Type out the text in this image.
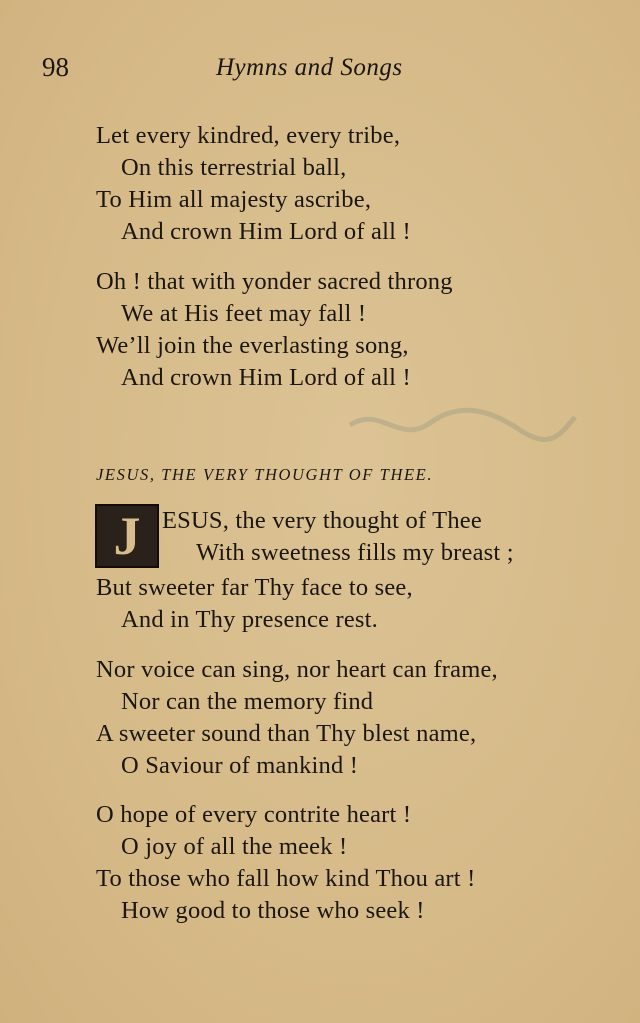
98	Hymns and Songs
Let every kindred, every tribe,
On this terrestrial ball,
To Him all majesty ascribe,
And crown Him Lord of all !
Oh ! that with yonder sacred throng
We at His feet may fall !
We’ll join the everlasting song,
And crown Him Lord of all !
JESUS, THE VERY THOUGHT OF THEE.
J ESUS, the very thought of Thee
With sweetness fills my breast ;
But sweeter far Thy face to see,
And in Thy presence rest.
Nor voice can sing, nor heart can frame,
Nor can the memory find
A sweeter sound than Thy blest name,
O Saviour of mankind !
O hope of every contrite heart !
O joy of all the meek !
To those who fall how kind Thou art !
How good to those who seek !
